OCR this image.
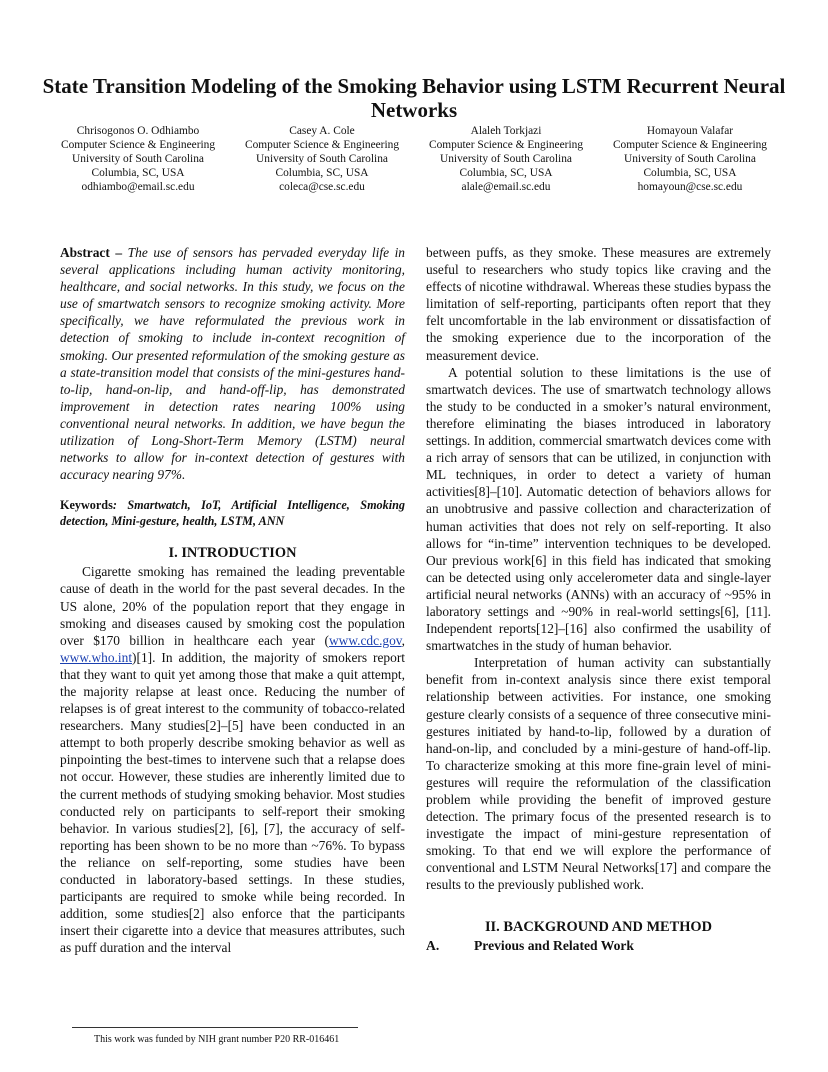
State Transition Modeling of the Smoking Behavior using LSTM Recurrent Neural Networks
Chrisogonos O. Odhiambo
Computer Science & Engineering
University of South Carolina
Columbia, SC, USA
odhiambo@email.sc.edu
Casey A. Cole
Computer Science & Engineering
University of South Carolina
Columbia, SC, USA
coleca@cse.sc.edu
Alaleh Torkjazi
Computer Science & Engineering
University of South Carolina
Columbia, SC, USA
alale@email.sc.edu
Homayoun Valafar
Computer Science & Engineering
University of South Carolina
Columbia, SC, USA
homayoun@cse.sc.edu

Abstract – The use of sensors has pervaded everyday life in several applications including human activity monitoring, healthcare, and social networks. In this study, we focus on the use of smartwatch sensors to recognize smoking activity. More specifically, we have reformulated the previous work in detection of smoking to include in-context recognition of smoking. Our presented reformulation of the smoking gesture as a state-transition model that consists of the mini-gestures hand-to-lip, hand-on-lip, and hand-off-lip, has demonstrated improvement in detection rates nearing 100% using conventional neural networks. In addition, we have begun the utilization of Long-Short-Term Memory (LSTM) neural networks to allow for in-context detection of gestures with accuracy nearing 97%.

Keywords: Smartwatch, IoT, Artificial Intelligence, Smoking detection, Mini-gesture, health, LSTM, ANN

I. INTRODUCTION

Cigarette smoking has remained the leading preventable cause of death in the world for the past several decades. In the US alone, 20% of the population report that they engage in smoking and diseases caused by smoking cost the population over $170 billion in healthcare each year (www.cdc.gov, www.who.int)[1]. In addition, the majority of smokers report that they want to quit yet among those that make a quit attempt, the majority relapse at least once. Reducing the number of relapses is of great interest to the community of tobacco-related researchers. Many studies[2]–[5] have been conducted in an attempt to both properly describe smoking behavior as well as pinpointing the best-times to intervene such that a relapse does not occur. However, these studies are inherently limited due to the current methods of studying smoking behavior. Most studies conducted rely on participants to self-report their smoking behavior. In various studies[2], [6], [7], the accuracy of self-reporting has been shown to be no more than ~76%. To bypass the reliance on self-reporting, some studies have been conducted in laboratory-based settings. In these studies, participants are required to smoke while being recorded. In addition, some studies[2] also enforce that the participants insert their cigarette into a device that measures attributes, such as puff duration and the interval

between puffs, as they smoke. These measures are extremely useful to researchers who study topics like craving and the effects of nicotine withdrawal. Whereas these studies bypass the limitation of self-reporting, participants often report that they felt uncomfortable in the lab environment or dissatisfaction of the smoking experience due to the incorporation of the measurement device.

A potential solution to these limitations is the use of smartwatch devices. The use of smartwatch technology allows the study to be conducted in a smoker’s natural environment, therefore eliminating the biases introduced in laboratory settings. In addition, commercial smartwatch devices come with a rich array of sensors that can be utilized, in conjunction with ML techniques, in order to detect a variety of human activities[8]–[10]. Automatic detection of behaviors allows for an unobtrusive and passive collection and characterization of human activities that does not rely on self-reporting. It also allows for “in-time” intervention techniques to be developed. Our previous work[6] in this field has indicated that smoking can be detected using only accelerometer data and single-layer artificial neural networks (ANNs) with an accuracy of ~95% in laboratory settings and ~90% in real-world settings[6], [11]. Independent reports[12]–[16] also confirmed the usability of smartwatches in the study of human behavior.

Interpretation of human activity can substantially benefit from in-context analysis since there exist temporal relationship between activities. For instance, one smoking gesture clearly consists of a sequence of three consecutive mini-gestures initiated by hand-to-lip, followed by a duration of hand-on-lip, and concluded by a mini-gesture of hand-off-lip. To characterize smoking at this more fine-grain level of mini-gestures will require the reformulation of the classification problem while providing the benefit of improved gesture detection. The primary focus of the presented research is to investigate the impact of mini-gesture representation of smoking. To that end we will explore the performance of conventional and LSTM Neural Networks[17] and compare the results to the previously published work.

II. BACKGROUND AND METHOD
A.	Previous and Related Work
This work was funded by NIH grant number P20 RR-016461
